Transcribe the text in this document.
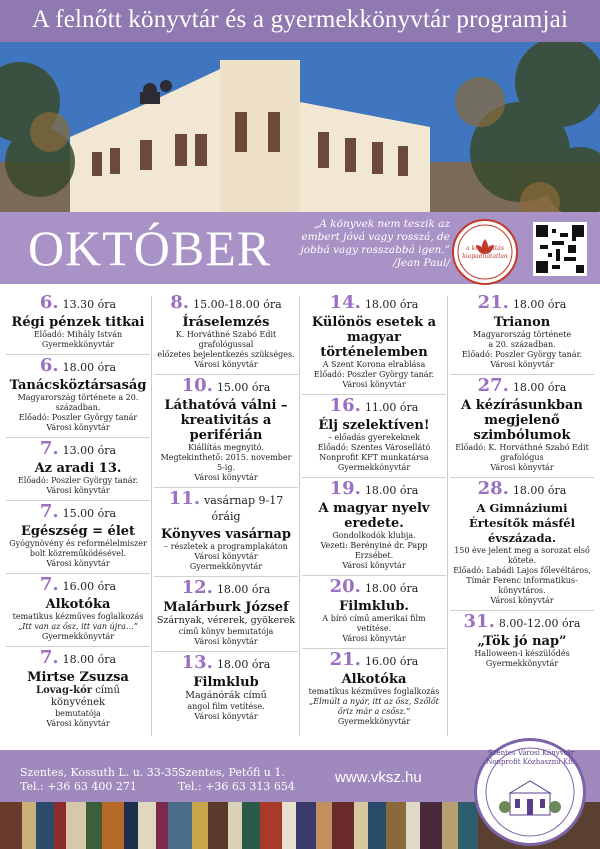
A felnőtt könyvtár és a gyermekkönyvtár programjai
OKTÓBER	„A könyvek nem teszik az embert jóvá vagy rosszá, de jobbá vagy rosszabbá igen.”
/Jean Paul/
a kreativitás kiapadhatatlan
6. 13.30 óra
Régi pénzek titkai
Előadó: Mihály István
Gyermekkönyvtár
6. 18.00 óra
Tanácsköztársaság
Magyarország története a 20. században.
Előadó: Poszler György tanár
Városi könyvtár
7. 13.00 óra
Az aradi 13.
Előadó: Poszler György tanár.
Városi könyvtár
7. 15.00 óra
Egészség = élet
Gyógynövény és reformélelmiszer bolt közreműködésével.
Városi könyvtár
7. 16.00 óra
Alkotóka
tematikus kézműves foglalkozás
„Itt van az ősz, itt van újra…”
Gyermekkönyvtár
7. 18.00 óra
Mirtse Zsuzsa
Lovag-kór című könyvének
bemutatója
Városi könyvtár
8. 15.00-18.00 óra
Íráselemzés
K. Horváthné Szabó Edit
grafológussal
előzetes bejelentkezés szükséges.
Városi könyvtár
10. 15.00 óra
Láthatóvá válni – kreativitás a periférián
Kiállítás megnyitó.
Megtekinthető: 2015. november 5-ig.
Városi könyvtár
11. vasárnap 9-17 óráig
Könyves vasárnap
– részletek a programplakáton
Városi könyvtár
Gyermekkönyvtár
12. 18.00 óra
Malárburk József
Szárnyak, vérerek, gyökerek
című könyv bemutatója
Városi könyvtár
13. 18.00 óra
Filmklub
Magánórák című
angol film vetítése.
Városi könyvtár
14. 18.00 óra
Különös esetek a magyar történelemben
A Szent Korona elrablása
Előadó: Poszler György tanár.
Városi könyvtár
16. 11.00 óra
Élj szelektíven!
– előadás gyerekeknek
Előadó: Szentes Városellátó Nonprofit KFT munkatársa
Gyermekkönyvtár
19. 18.00 óra
A magyar nyelv eredete.
Gondolkodók klubja.
Vezeti: Berényiné dr. Papp Erzsébet.
Városi könyvtár
20. 18.00 óra
Filmklub.
A bíró című amerikai film vetítése.
Városi könyvtár
21. 16.00 óra
Alkotóka
tematikus kézműves foglalkozás
„Elmúlt a nyár, itt az ősz, Szőlőt őriz már a csősz.”
Gyermekkönyvtár
21. 18.00 óra
Trianon
Magyarország története
a 20. században.
Előadó: Poszler György tanár.
Városi könyvtár
27. 18.00 óra
A kézírásunkban megjelenő szimbólumok
Előadó: K. Horváthné Szabó Edit
grafológus
Városi könyvtár
28. 18.00 óra
A Gimnáziumi Értesítők másfél évszázada.
150 éve jelent meg a sorozat első kötete.
Előadó: Labádi Lajos főlevéltáros,
Tímár Ferenc informatikus-könyvtáros.
Városi könyvtár
31. 8.00-12.00 óra
„Tök jó nap”
Halloween-i készülődés
Gyermekkönyvtár
Szentes, Kossuth L. u. 33-35
Tel.: +36 63 400 271
Szentes, Petőfi u 1.
Tel.: +36 63 313 654
www.vksz.hu
Szentes Városi Könyvtár Nonprofit Közhasznú Kft.
